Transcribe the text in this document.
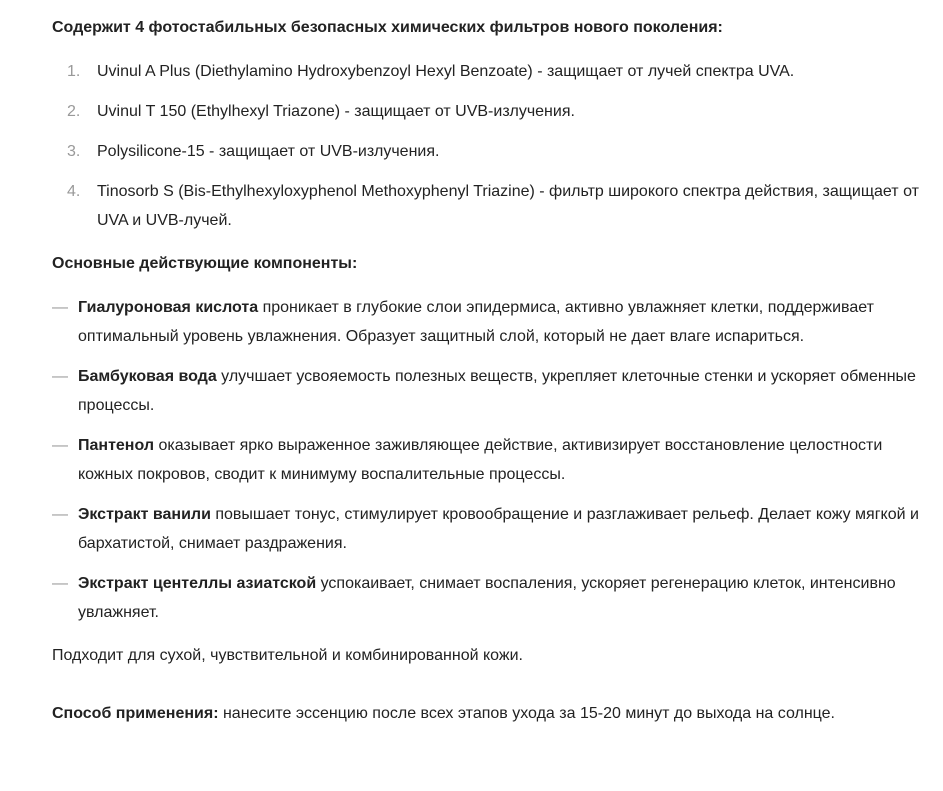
Содержит 4 фотостабильных безопасных химических фильтров нового поколения:

1. Uvinul A Plus (Diethylamino Hydroxybenzoyl Hexyl Benzoate) - защищает от лучей спектра UVA.
2. Uvinul T 150 (Ethylhexyl Triazone) - защищает от UVB-излучения.
3. Polysilicone-15 - защищает от UVB-излучения.
4. Tinosorb S (Bis-Ethylhexyloxyphenol Methoxyphenyl Triazine) - фильтр широкого спектра действия, защищает от UVA и UVB-лучей.

Основные действующие компоненты:

— Гиалуроновая кислота проникает в глубокие слои эпидермиса, активно увлажняет клетки, поддерживает оптимальный уровень увлажнения. Образует защитный слой, который не дает влаге испариться.
— Бамбуковая вода улучшает усвояемость полезных веществ, укрепляет клеточные стенки и ускоряет обменные процессы.
— Пантенол оказывает ярко выраженное заживляющее действие, активизирует восстановление целостности кожных покровов, сводит к минимуму воспалительные процессы.
— Экстракт ванили повышает тонус, стимулирует кровообращение и разглаживает рельеф. Делает кожу мягкой и бархатистой, снимает раздражения.
— Экстракт центеллы азиатской успокаивает, снимает воспаления, ускоряет регенерацию клеток, интенсивно увлажняет.

Подходит для сухой, чувствительной и комбинированной кожи.

Способ применения: нанесите эссенцию после всех этапов ухода за 15-20 минут до выхода на солнце.
